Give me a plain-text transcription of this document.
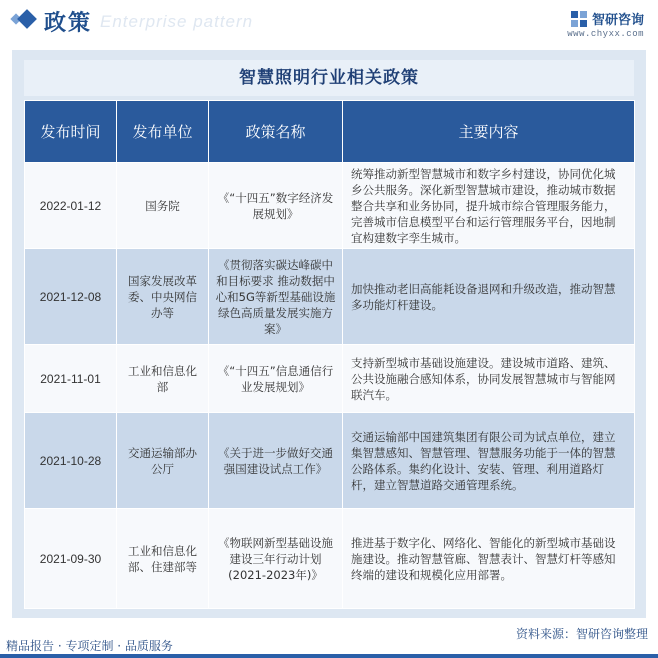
Enterprise pattern
政策	智研咨询
www.chyxx.com
智慧照明行业相关政策
发布时间	发布单位	政策名称	主要内容
2022-01-12	国务院	《“十四五”数字经济发展规划》	统筹推动新型智慧城市和数字乡村建设，协同优化城乡公共服务。深化新型智慧城市建设，推动城市数据整合共享和业务协同，提升城市综合管理服务能力，完善城市信息模型平台和运行管理服务平台，因地制宜构建数字孪生城市。
2021-12-08	国家发展改革委、中央网信办等	《贯彻落实碳达峰碳中和目标要求 推动数据中心和5G等新型基础设施绿色高质量发展实施方案》	加快推动老旧高能耗设备退网和升级改造，推动智慧多功能灯杆建设。
2021-11-01	工业和信息化部	《“十四五”信息通信行业发展规划》	支持新型城市基础设施建设。建设城市道路、建筑、公共设施融合感知体系，协同发展智慧城市与智能网联汽车。
2021-10-28	交通运输部办公厅	《关于进一步做好交通强国建设试点工作》	交通运输部中国建筑集团有限公司为试点单位，建立集智慧感知、智慧管理、智慧服务功能于一体的智慧公路体系。集约化设计、安装、管理、利用道路灯杆，建立智慧道路交通管理系统。
2021-09-30	工业和信息化部、住建部等	《物联网新型基础设施建设三年行动计划(2021-2023年)》	推进基于数字化、网络化、智能化的新型城市基础设施建设。推动智慧管廊、智慧表计、智慧灯杆等感知终端的建设和规模化应用部署。
精品报告 · 专项定制 · 品质服务
资料来源：智研咨询整理
